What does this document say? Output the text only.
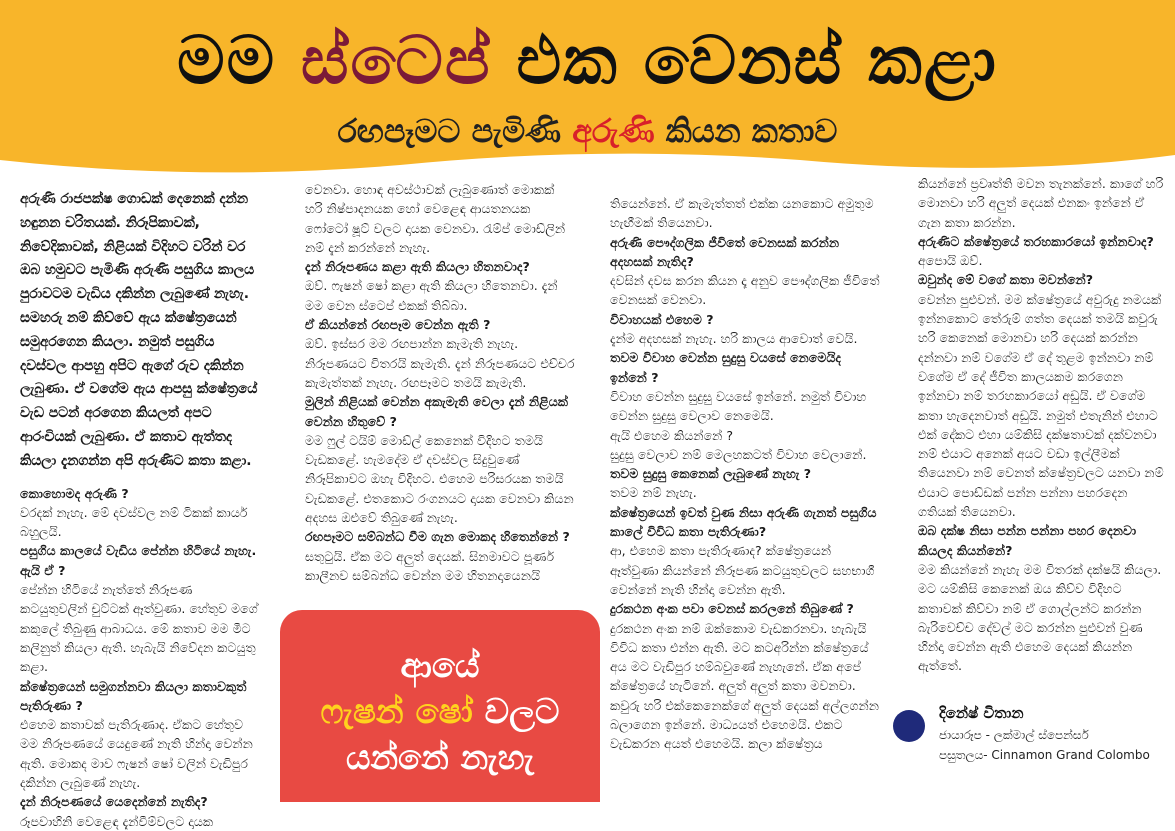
මම ස්ටෙප් එක වෙනස් කළා
රඟපෑමට පැමිණි අරුණි කියන කතාව

අරුණි රාජපක්ෂ ගොඩක් දෙනෙක් දන්න හඳුනන චරිතයක්. නිරූපිකාවක්, නිවේදිකාවක්, නිළියක් විදිහට වරින් වර ඔබ හමුවට පැමිණි අරුණි පසුගිය කාලය පුරාවටම වැඩිය දකින්න ලැබුණේ නැහැ. සමහරු නම් කිව්වේ ඇය ක්ෂේත්‍රයෙන් සමුඅරගෙන කියලා. නමුත් පසුගිය දවස්වල ආපහු අපිට ඇගේ රුව දකින්න ලැබුණා. ඒ වගේම ඇය ආපසු ක්ෂේත්‍රයේ වැඩ පටන් අරගෙන කියලත් අපට ආරංචියක් ලැබුණා. ඒ කතාව ඇත්තද කියලා දැනගන්න අපි අරුණිට කතා කළා.

කොහොමද අරුණි ?

වරදක් නැහැ. මේ දවස්වල නම් ටිකක් කාර්ය බහුලයි.

පසුගිය කාලයේ වැඩිය පේන්න හිටියේ නැහැ. ඇයි ඒ ?

පේන්න හිටියේ නැත්තේ නිරූපණ කටයුතුවලින් චුට්ටක් ඈත්වුණා. හේතුව මගේ කකුලේ තිබුණු ආබාධය. මේ කතාව මම මීට කලිනුත් කියලා ඇති. හැබැයි නිවේදන කටයුතු කළා.

ක්ෂේත්‍රයෙන් සමුගන්නවා කියලා කතාවකුත් පැතිරුණා ?

එහෙම කතාවක් පැතිරුණාද. ඒකට හේතුව මම නිරූපණයේ යෙදුණේ නැති හින්දා වෙන්න ඇති. මොකද මාව ෆැෂන් ෂෝ වලින් වැඩිපුර දකින්න ලැබුණේ නැහැ.

දැන් නිරූපණයේ යෙදෙන්නේ නැතිද?

රූපවාහිනි වෙළෙඳ දැන්වීම්වලට දායක

වෙනවා. හොඳ අවස්ථාවක් ලැබුණොත් මොකක් හරි නිෂ්පාදනයක හෝ වෙළෙඳ ආයතනයක ෆෝටෝ ෂූට් වලට දායක වෙනවා. රැම්ප් මොඩ්ලින් නම් දැන් කරන්නේ නැහැ.

දැන් නිරූපණය කළා ඇති කියලා හිතනවාද?

ඔව්. ෆැෂන් ෂෝ කළා ඇති කියලා හිතෙනවා. දැන් මම වෙන ස්ටෙප් එකක් තිබ්බා.

ඒ කියන්නේ රඟපෑම වෙන්න ඇති ?

ඔව්. ඉස්සර මම රඟපාන්න කැමැති නැහැ. නිරූපණයට විතරයි කැමැති. දැන් නිරූපණයට එච්චර කැමැත්තක් නැහැ. රඟපෑමට තමයි කැමැති.

මුලින් නිළියක් වෙන්න අකැමැති වෙලා දැන් නිළියක් වෙන්න හිතුවේ ?

මම ෆුල් ටයිම් මොඩ්ල් කෙනෙක් විදිහට තමයි වැඩකළේ. හැමදේම ඒ දවස්වල සිදුවුණේ නිරූපිකාවට ඔහැ විදිහට. එහෙම පරිසරයක තමයි වැඩකළේ. එතකොට රංගනයට දායක වෙනවා කියන අදහස ඔළුවේ තිබුණේ නැහැ.

රඟපෑමට සම්බන්ධ වීම ගැන මොකද හිතෙන්නේ ?

සතුටුයි. ඒක මට අලුත් දෙයක්. සිනමාවට පූර්ණ කාලීනව සම්බන්ධ වෙන්න මම හිතනදායෙනයි

තියෙන්නේ. ඒ කැමැත්තත් එක්ක යනකොට අමුතුම හැඟීමක් තියෙනවා.

අරුණි පෞද්ගලික ජීවිතේ වෙනසක් කරන්න අදහසක් නැතිද?

දවසින් දවස කරන කියන දෑ අනුව පෞද්ගලික ජීවිතේ වෙනසක් වෙනවා.

විවාහයක් එහෙම ?

දැන්ම අදහසක් නැහැ. හරි කාලය ආවොත් වෙයි.

තවම විවාහ වෙන්න සුදුසු වයසේ නෙමෙයිද ඉන්නේ ?

විවාහ වෙන්න සුදුසු වයසේ ඉන්නේ. නමුත් විවාහ වෙන්න සුදුසු වෙලාව නෙමෙයි.

ඇයි එහෙම කියන්නේ ?

සුදුසු වෙලාව නම් මෙලහකටත් විවාහ වෙලානේ.

තවම සුදුසු කෙනෙක් ලැබුණේ නැහැ ?

තවම නම් නැහැ.

ක්ෂේත්‍රයෙන් ඉවත් වුණ නිසා අරුණි ගැනත් පසුගිය කාලේ විවිධ කතා පැතිරුණා?

ආ, එහෙම කතා පැතිරුණාද? ක්ෂේත්‍රයෙන් ඈත්වුණා කියන්නේ නිරූපණ කටයුතුවලට සහභාගී වෙන්නේ නැති හින්දා වෙන්න ඇති.

දුරකථන අංක පවා වෙනස් කරලනේ තිබුණේ ?

දුරකථන අංක නම් ඔක්කොම වැඩකරනවා. හැබැයි විවිධ කතා එන්න ඇති. මට කටඅරින්න ක්ෂේත්‍රයේ අය මට වැඩිපුර හම්බවුණේ නැහැනේ. ඒක අපේ ක්ෂේත්‍රයේ හැටිනේ. අලුත් අලුත් කතා මවනවා. කවුරු හරි එක්කෙනෙක්ගේ අලුත් දෙයක් අල්ලගන්න බලාගෙන ඉන්නේ. මාධ්‍යයත් එහෙමයි. එකට වැඩකරන අයත් එහෙමයි. කලා ක්ෂේත්‍රය

කියන්නේ ප්‍රවෘත්ති මවන තැනක්නේ. කාගේ හරි මොනවා හරි අලුත් දෙයක් එනකං ඉන්නේ ඒ ගැන කතා කරන්න.

අරුණිට ක්ෂේත්‍රයේ තරහකාරයෝ ඉන්නවාද?

අපොයි ඔව්.

ඔවුන්ද මේ වගේ කතා මවන්නේ?

වෙන්න පුළුවන්. මම ක්ෂේත්‍රයේ අවුරුදු නමයක් ඉන්නකොට තේරුම් ගත්ත දෙයක් තමයි කවුරු හරි කෙනෙක් මොනවා හරි දෙයක් කරන්න දන්නවා නම් වගේම ඒ දේ තුළම ඉන්නවා නම් වගේම ඒ දේ ජීවිත කාලයකම කරගෙන ඉන්නවා නම් තරහකාරයෝ අඩුයි. ඒ වගේම කතා හැදෙනවාත් අඩුයි. නමුත් එතැනින් එහාට එක් දේකට එහා යම්කිසි දක්ෂතාවක් දක්වනවා නම් එයාට අනෙක් අයට වඩා ඉල්ලීමක් තියෙනවා නම් වෙනත් ක්ෂේත්‍රවලට යනවා නම් එයාට පොඩ්ඩක් පන්න පන්නා පහරදෙන ගතියක් තියෙනවා.

ඔබ දක්ෂ නිසා පන්න පන්නා පහර දෙනවා කියලද කියන්නේ?

මම කියන්නේ නැහැ මම විතරක් දක්ෂයි කියලා. මට යම්කිසි කෙනෙක් ඔය කිව්ව විදිහට කතාවක් කිව්වා නම් ඒ ගොල්ලන්ට කරන්න බැරිවෙච්ච දේවල් මට කරන්න පුළුවන් වුණ හින්දා වෙන්න ඇති එහෙම දෙයක් කියන්න ඇත්තේ.

ආයේ
ෆැෂන් ෂෝ වලට
යන්නේ නැහැ
දිනේෂ් විතාන
ජායාරූප - ලක්මාල් ස්පෙන්සර්
පසුතලය- Cinnamon Grand Colombo
